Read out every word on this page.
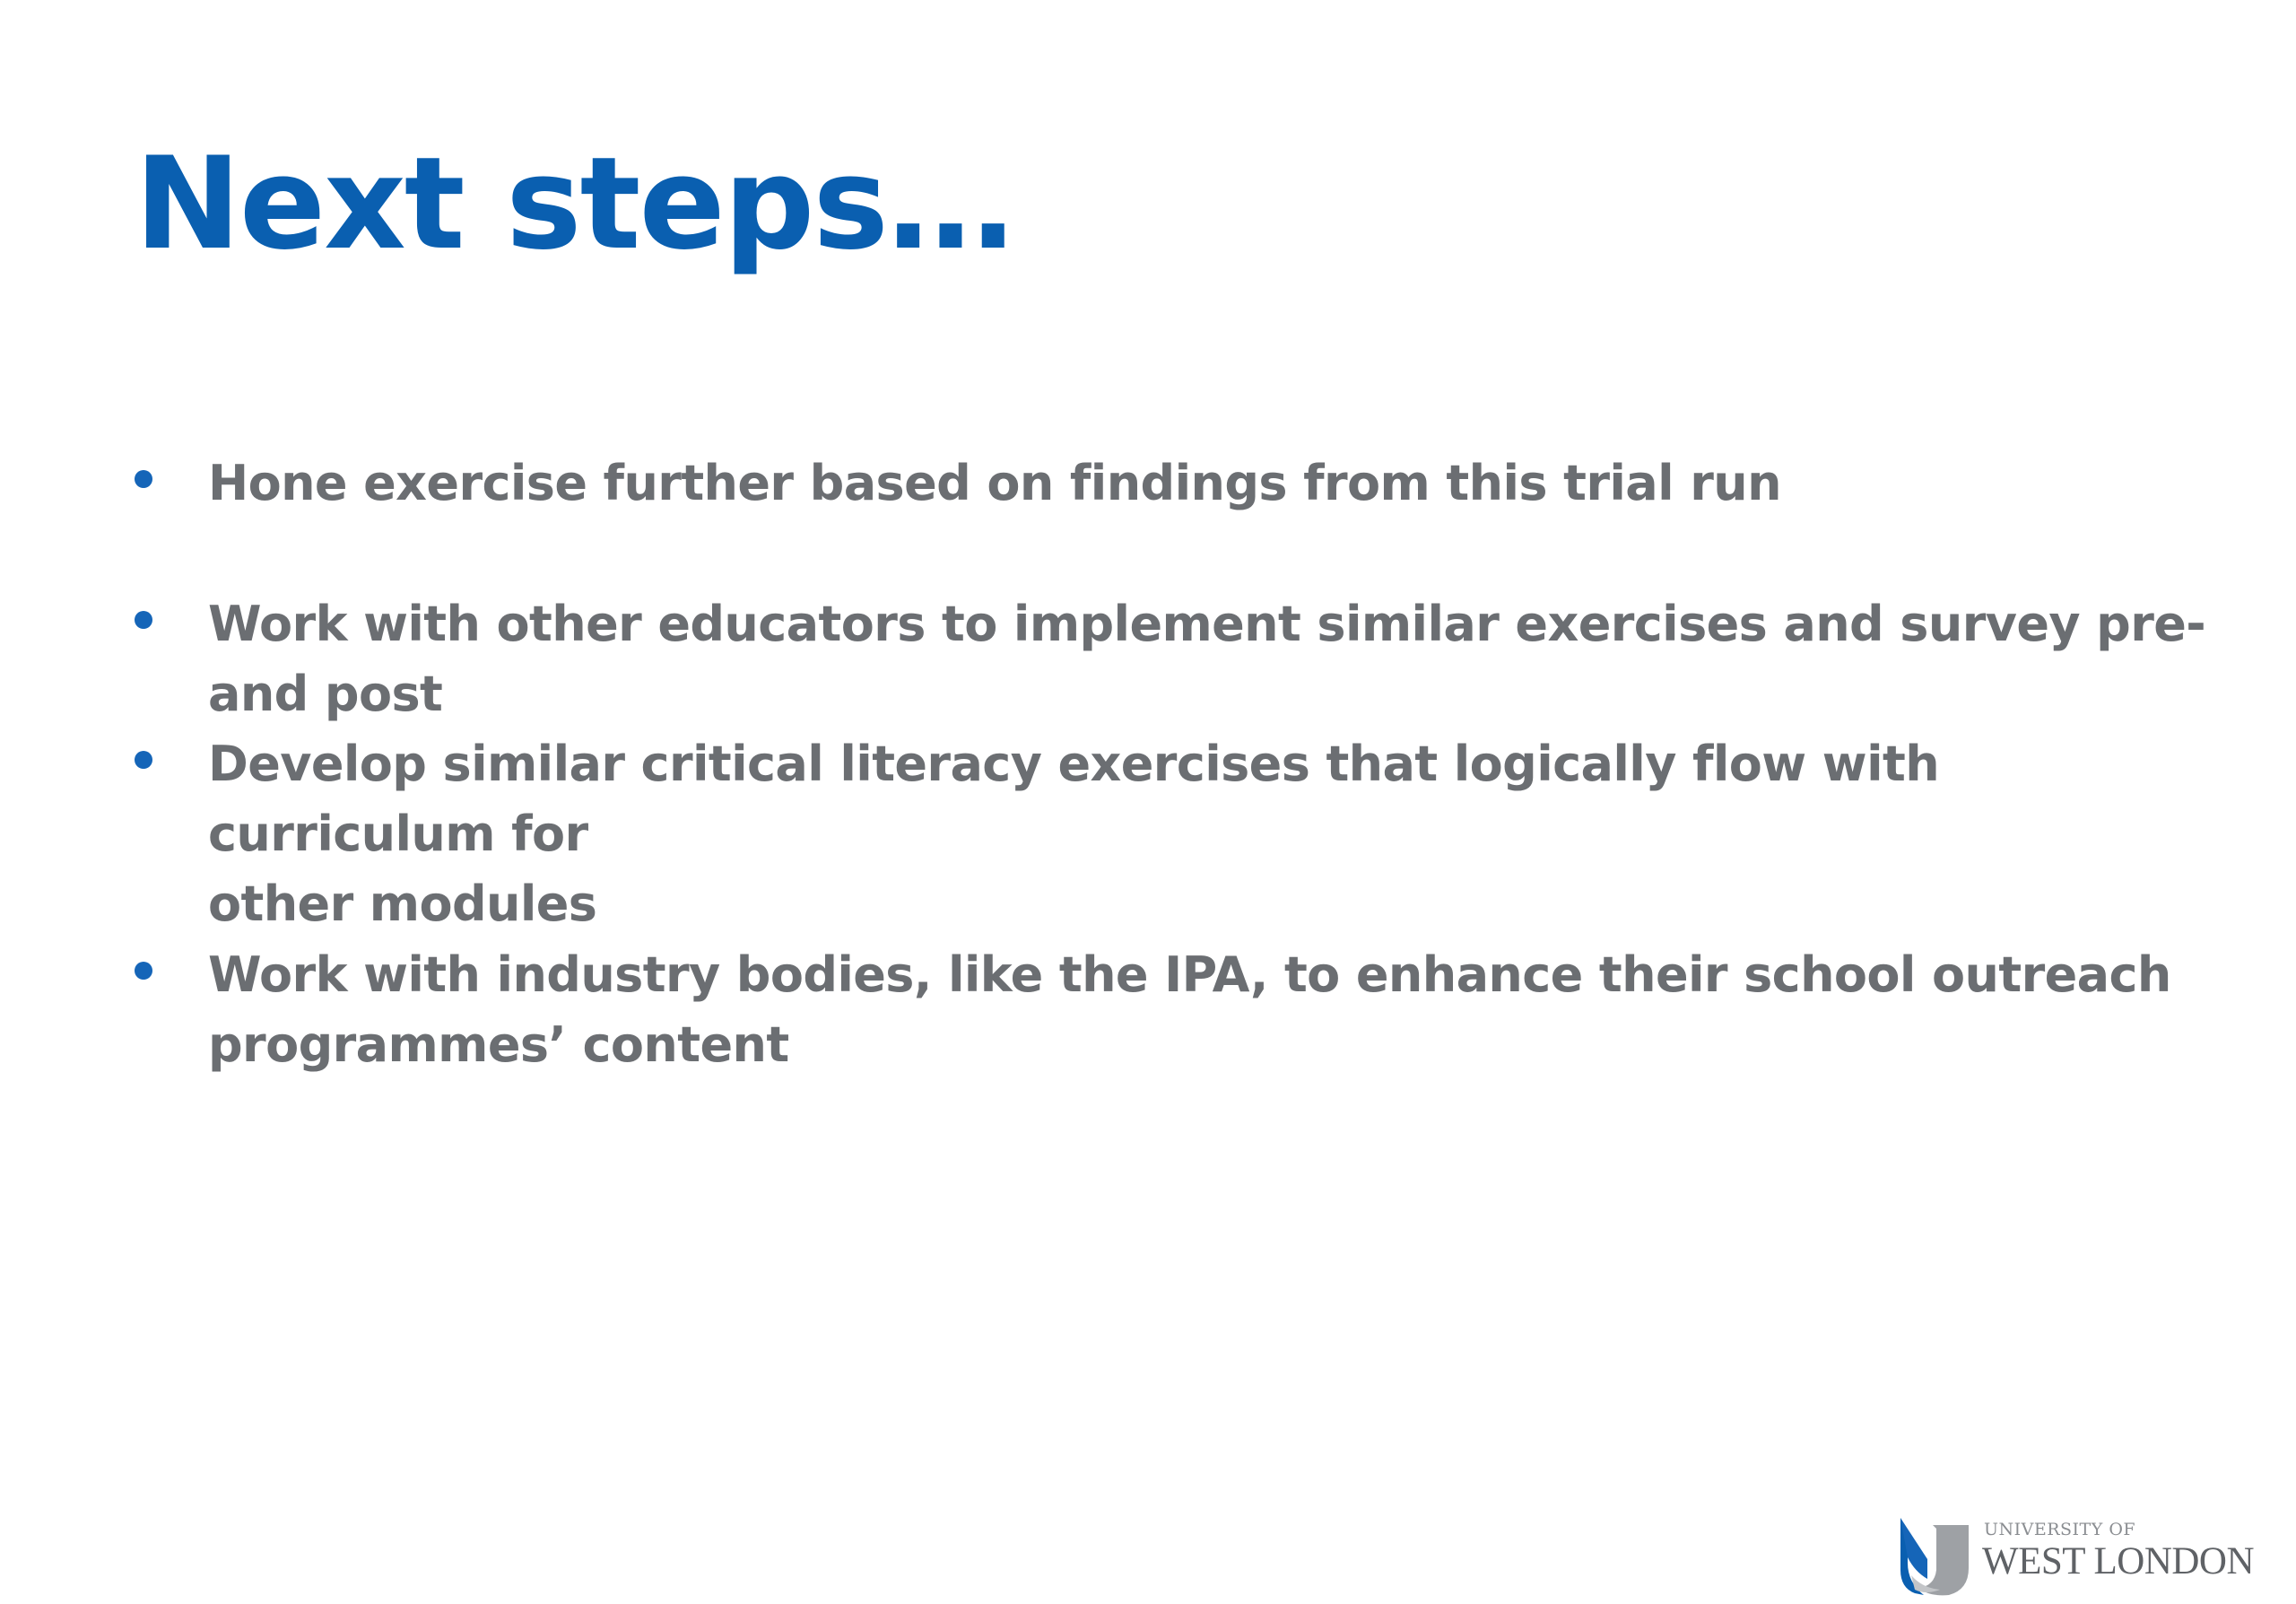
Next steps…
Hone exercise further based on findings from this trial run
Work with other educators to implement similar exercises and survey pre- and post
Develop similar critical literacy exercises that logically flow with curriculum for
other modules
Work with industry bodies, like the IPA, to enhance their school outreach
programmes’ content
UNIVERSITY OF
WEST LONDON
